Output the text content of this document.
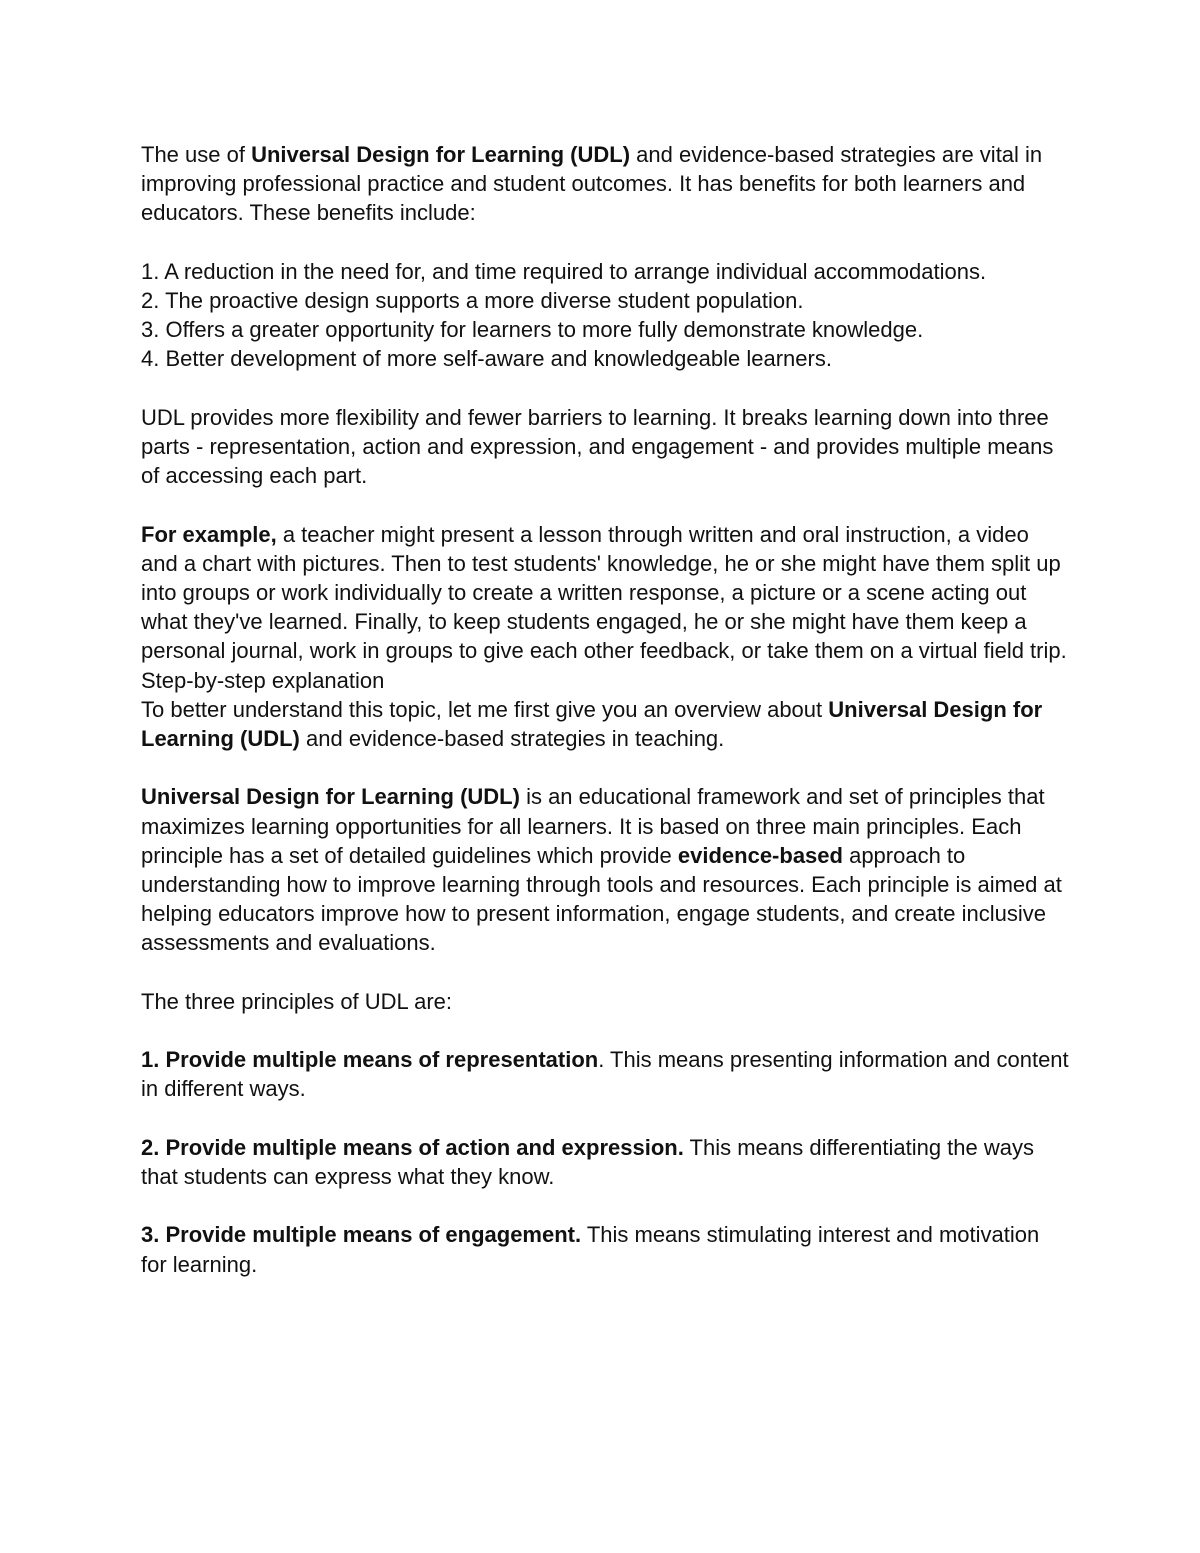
The use of Universal Design for Learning (UDL) and evidence-based strategies are vital in improving professional practice and student outcomes. It has benefits for both learners and educators. These benefits include:

1. A reduction in the need for, and time required to arrange individual accommodations.

2. The proactive design supports a more diverse student population.

3. Offers a greater opportunity for learners to more fully demonstrate knowledge.

4. Better development of more self-aware and knowledgeable learners.

UDL provides more flexibility and fewer barriers to learning. It breaks learning down into three parts - representation, action and expression, and engagement - and provides multiple means of accessing each part.

For example, a teacher might present a lesson through written and oral instruction, a video and a chart with pictures. Then to test students' knowledge, he or she might have them split up into groups or work individually to create a written response, a picture or a scene acting out what they've learned. Finally, to keep students engaged, he or she might have them keep a personal journal, work in groups to give each other feedback, or take them on a virtual field trip.

Step-by-step explanation

To better understand this topic, let me first give you an overview about Universal Design for Learning (UDL) and evidence-based strategies in teaching.

Universal Design for Learning (UDL) is an educational framework and set of principles that maximizes learning opportunities for all learners. It is based on three main principles. Each principle has a set of detailed guidelines which provide evidence-based approach to understanding how to improve learning through tools and resources. Each principle is aimed at helping educators improve how to present information, engage students, and create inclusive assessments and evaluations.

The three principles of UDL are:

1. Provide multiple means of representation. This means presenting information and content in different ways.

2. Provide multiple means of action and expression. This means differentiating the ways that students can express what they know.

3. Provide multiple means of engagement. This means stimulating interest and motivation for learning.
